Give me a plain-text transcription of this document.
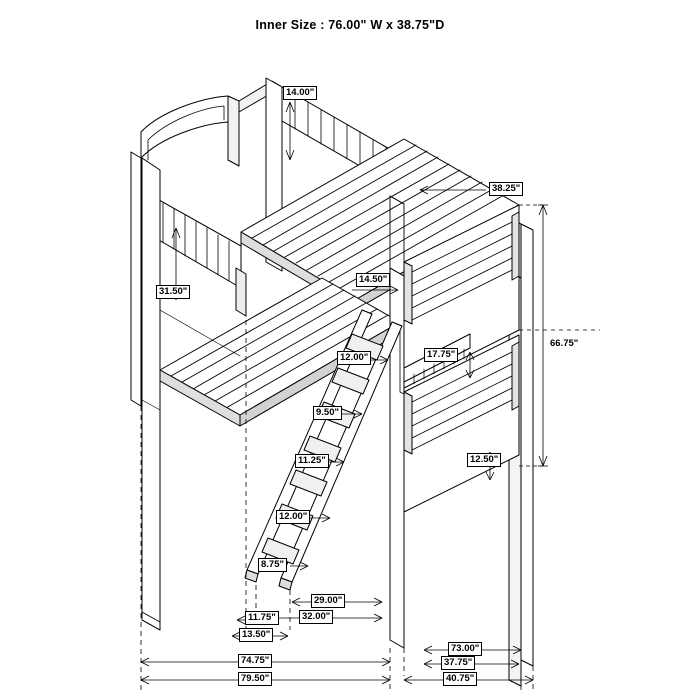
Inner Size : 76.00" W x 38.75"D
14.00"
38.25"
31.50"
14.50"
12.00"
9.50"
11.25"
12.00"
8.75"
17.75"
12.50"
66.75"
11.75"
13.50"
29.00"
32.00"
73.00"
37.75"
74.75"
79.50"	40.75"
